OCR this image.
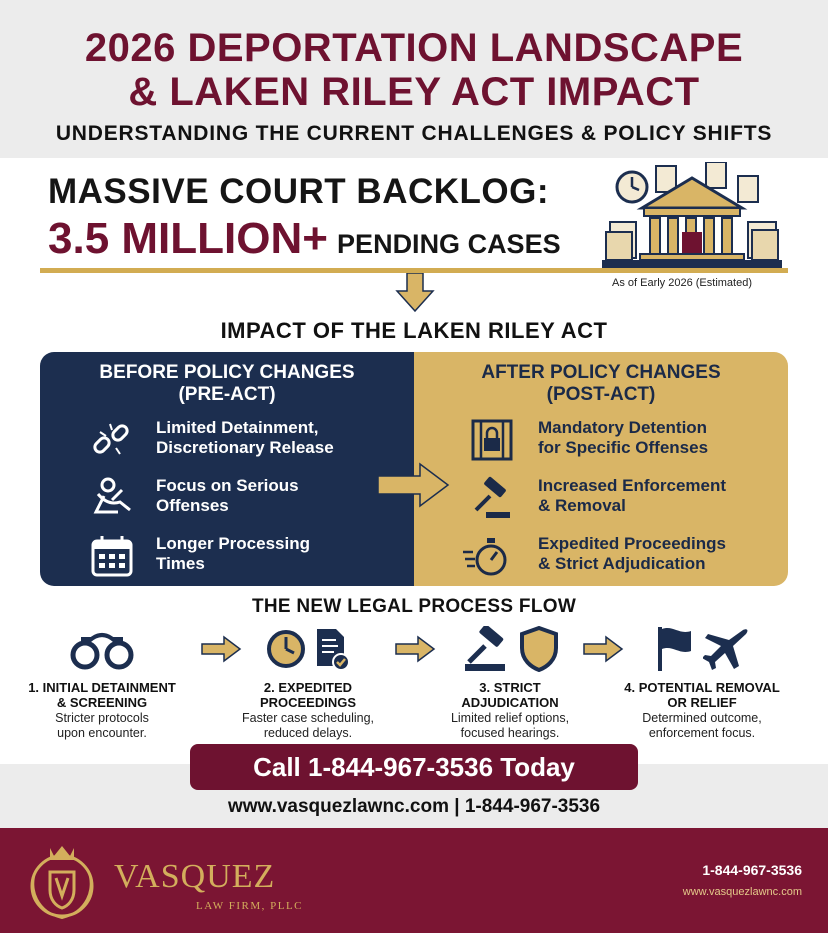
2026 DEPORTATION LANDSCAPE
& LAKEN RILEY ACT IMPACT
UNDERSTANDING THE CURRENT CHALLENGES & POLICY SHIFTS
MASSIVE COURT BACKLOG:
3.5 MILLION+ PENDING CASES
As of Early 2026 (Estimated)
IMPACT OF THE LAKEN RILEY ACT
BEFORE POLICY CHANGES
(PRE-ACT)
Limited Detainment,
Discretionary Release
Focus on Serious
Offenses
Longer Processing
Times
AFTER POLICY CHANGES
(POST-ACT)
Mandatory Detention
for Specific Offenses
Increased Enforcement
& Removal
Expedited Proceedings
& Strict Adjudication
THE NEW LEGAL PROCESS FLOW
1. INITIAL DETAINMENT
& SCREENING
Stricter protocols
upon encounter.
2. EXPEDITED
PROCEEDINGS
Faster case scheduling,
reduced delays.
3. STRICT
ADJUDICATION
Limited relief options,
focused hearings.
4. POTENTIAL REMOVAL
OR RELIEF
Determined outcome,
enforcement focus.
Call 1-844-967-3536 Today
www.vasquezlawnc.com | 1-844-967-3536
VASQUEZ
LAW FIRM, PLLC
1-844-967-3536
www.vasquezlawnc.com
